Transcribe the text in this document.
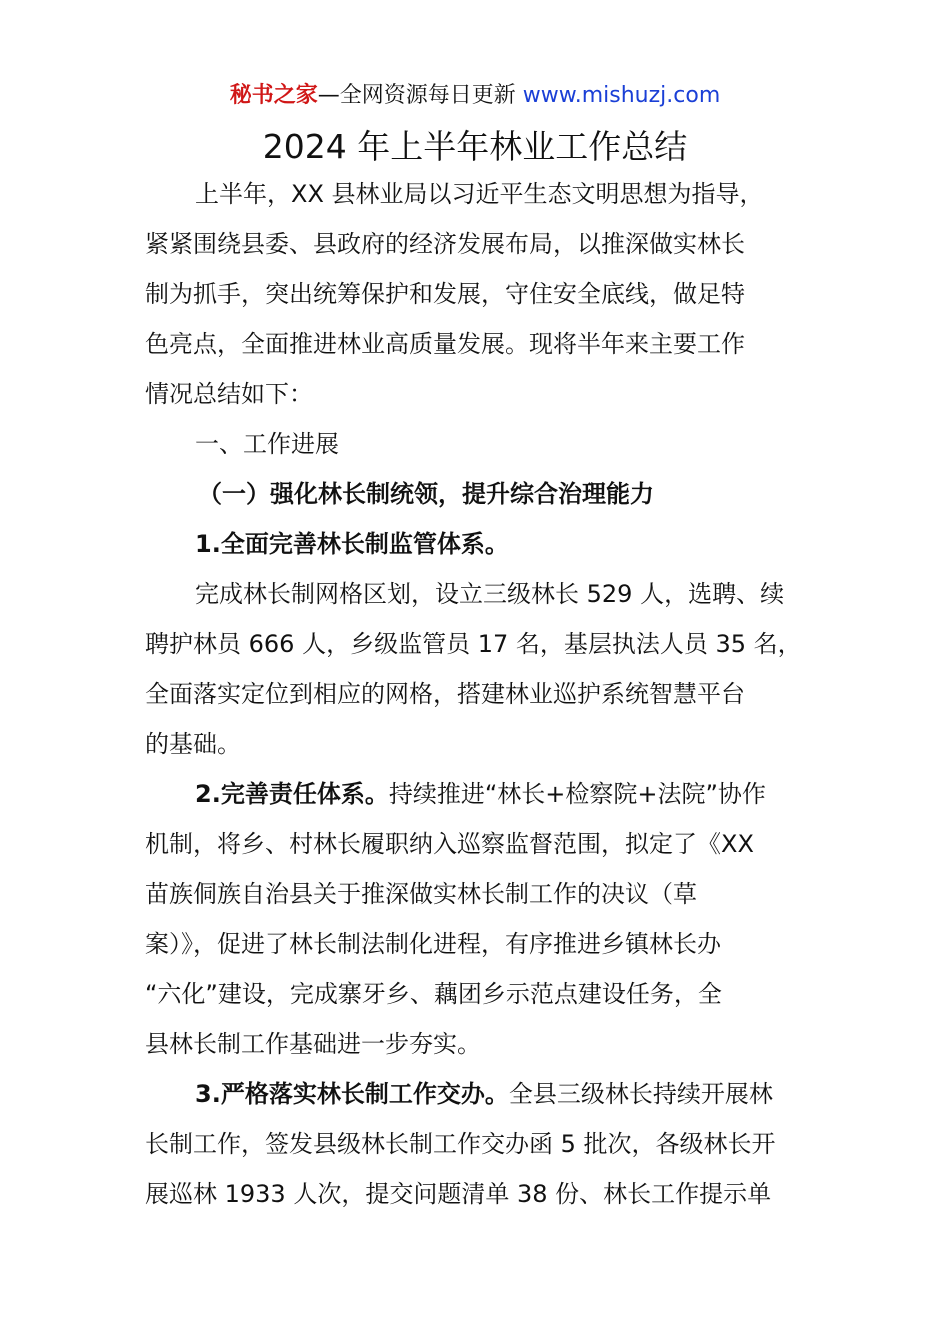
秘书之家—全网资源每日更新 www.mishuzj.com
2024 年上半年林业工作总结
上半年，XX 县林业局以习近平生态文明思想为指导，
紧紧围绕县委、县政府的经济发展布局，以推深做实林长
制为抓手，突出统筹保护和发展，守住安全底线，做足特
色亮点，全面推进林业高质量发展。现将半年来主要工作
情况总结如下：
一、工作进展
（一）强化林长制统领，提升综合治理能力
1.全面完善林长制监管体系。
完成林长制网格区划，设立三级林长 529 人，选聘、续
聘护林员 666 人，乡级监管员 17 名，基层执法人员 35 名，
全面落实定位到相应的网格，搭建林业巡护系统智慧平台
的基础。
2.完善责任体系。持续推进“林长+检察院+法院”协作
机制，将乡、村林长履职纳入巡察监督范围，拟定了《XX
苗族侗族自治县关于推深做实林长制工作的决议（草
案）》，促进了林长制法制化进程，有序推进乡镇林长办
“六化”建设，完成寨牙乡、藕团乡示范点建设任务，全
县林长制工作基础进一步夯实。
3.严格落实林长制工作交办。全县三级林长持续开展林
长制工作，签发县级林长制工作交办函 5 批次，各级林长开
展巡林 1933 人次，提交问题清单 38 份、林长工作提示单
